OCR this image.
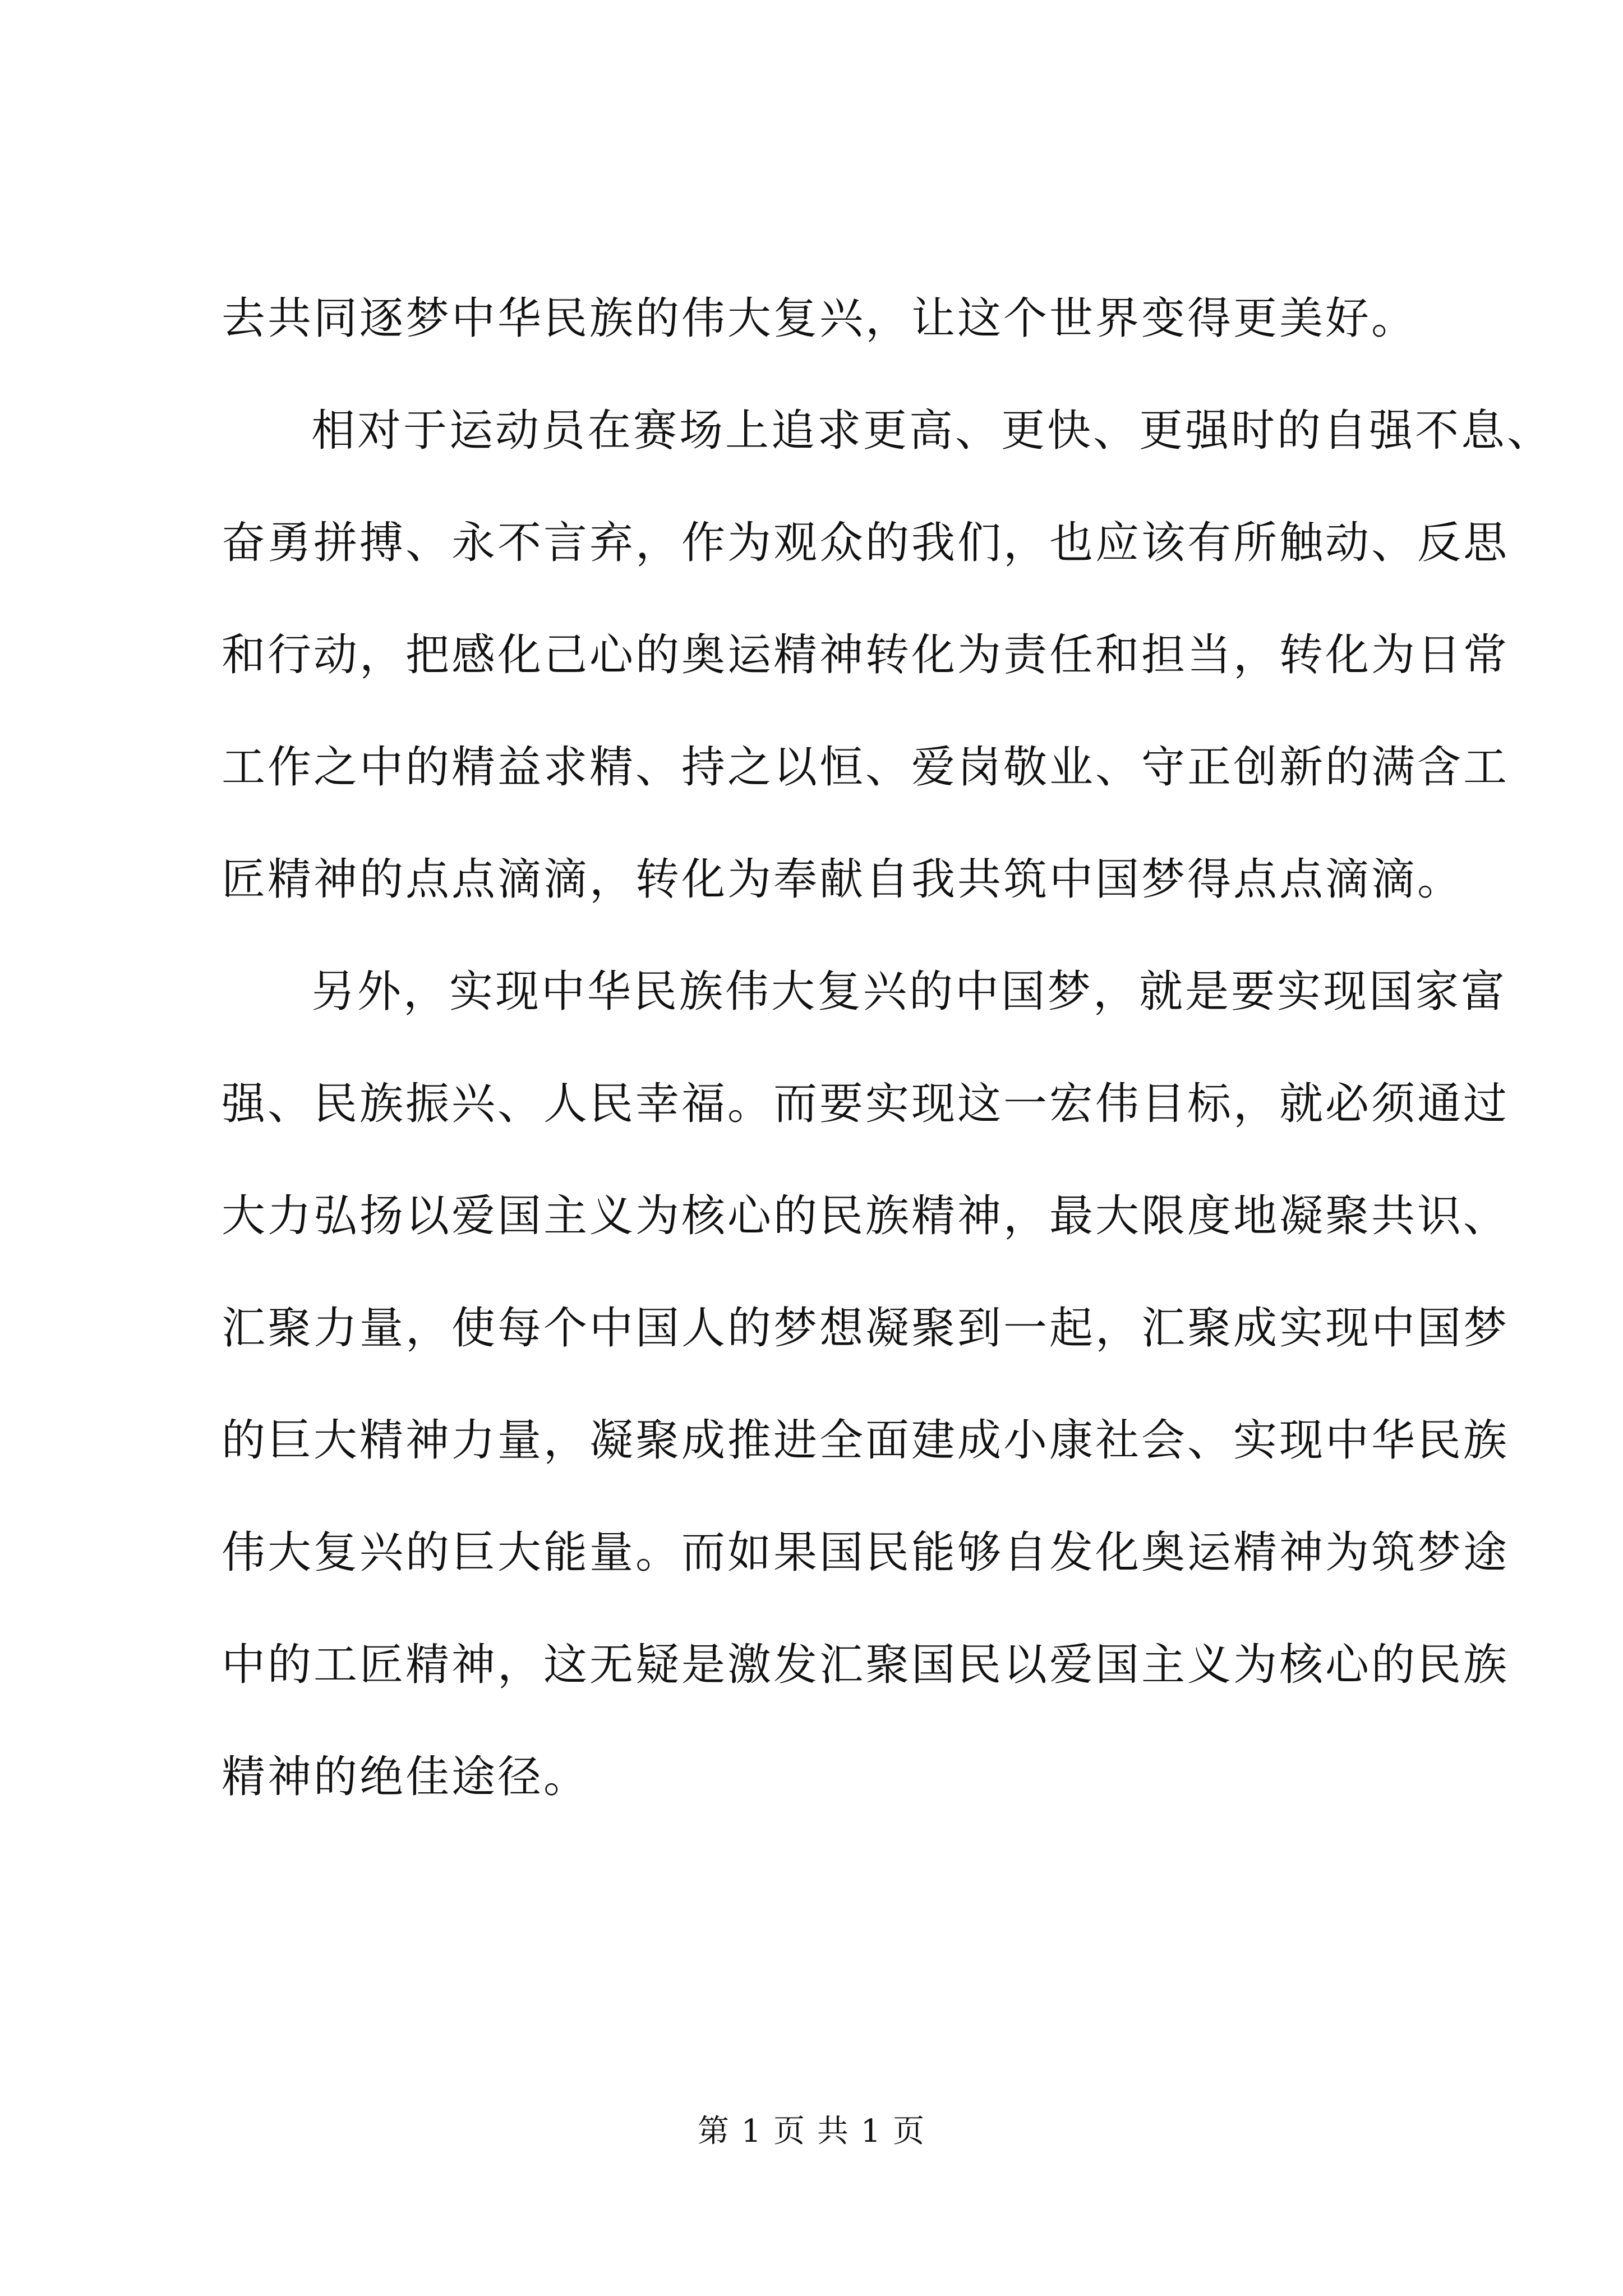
去共同逐梦中华民族的伟大复兴，让这个世界变得更美好。
相对于运动员在赛场上追求更高、更快、更强时的自强不息、
奋勇拼搏、永不言弃，作为观众的我们，也应该有所触动、反思
和行动，把感化己心的奥运精神转化为责任和担当，转化为日常
工作之中的精益求精、持之以恒、爱岗敬业、守正创新的满含工
匠精神的点点滴滴，转化为奉献自我共筑中国梦得点点滴滴。
另外，实现中华民族伟大复兴的中国梦，就是要实现国家富
强、民族振兴、人民幸福。而要实现这一宏伟目标，就必须通过
大力弘扬以爱国主义为核心的民族精神，最大限度地凝聚共识、
汇聚力量，使每个中国人的梦想凝聚到一起，汇聚成实现中国梦
的巨大精神力量，凝聚成推进全面建成小康社会、实现中华民族
伟大复兴的巨大能量。而如果国民能够自发化奥运精神为筑梦途
中的工匠精神，这无疑是激发汇聚国民以爱国主义为核心的民族
精神的绝佳途径。
第 1 页 共 1 页
